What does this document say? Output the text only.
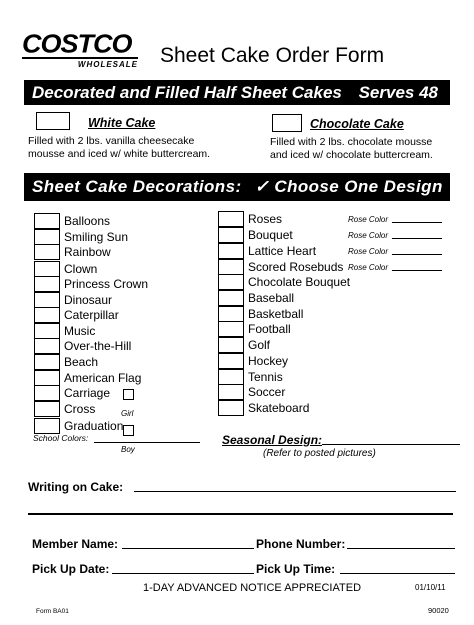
COSTCO
WHOLESALE Sheet Cake Order Form
Decorated and Filled Half Sheet Cakes Serves 48
White Cake
Filled with 2 lbs. vanilla cheesecake
mousse and iced w/ white buttercream.
Chocolate Cake
Filled with 2 lbs. chocolate mousse
and iced w/ chocolate buttercream.
Sheet Cake Decorations: ✓ Choose One Design
Balloons
Smiling Sun
Rainbow
Clown
Princess Crown
Dinosaur
Caterpillar
Music
Over-the-Hill
Beach
American Flag
Carriage
GirlBoy
Cross
Graduation
Roses	Rose Color
Bouquet	Rose Color
Lattice Heart	Rose Color
Scored Rosebuds Rose Color
Chocolate Bouquet
Baseball
Basketball
Football
Golf
Hockey
Tennis
Soccer
Skateboard
School Colors:	Seasonal Design:
(Refer to posted pictures)
Writing on Cake:
Member Name:	Phone Number:
Pick Up Date:	Pick Up Time:
1-DAY ADVANCED NOTICE APPRECIATED	01/10/11
Form BA01	90020
